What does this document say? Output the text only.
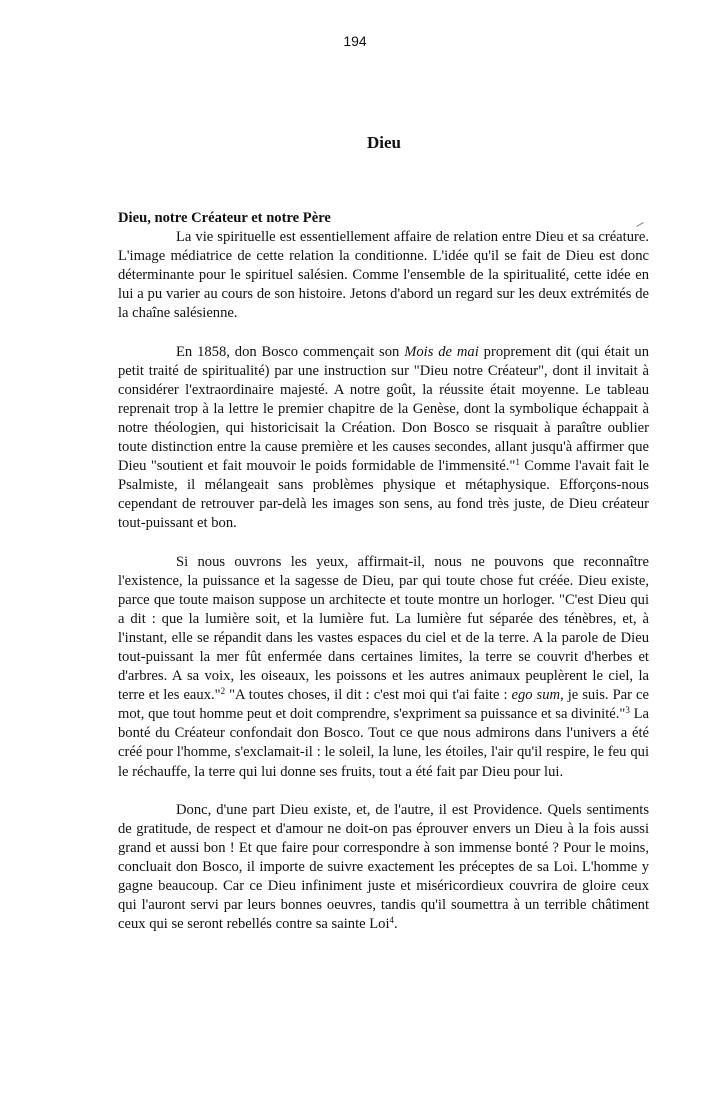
194
Dieu

Dieu, notre Créateur et notre Père

La vie spirituelle est essentiellement affaire de relation entre Dieu et sa créature. L'image médiatrice de cette relation la conditionne. L'idée qu'il se fait de Dieu est donc déterminante pour le spirituel salésien. Comme l'ensemble de la spiritualité, cette idée en lui a pu varier au cours de son histoire. Jetons d'abord un regard sur les deux extrémités de la chaîne salésienne.

En 1858, don Bosco commençait son Mois de mai proprement dit (qui était un petit traité de spiritualité) par une instruction sur "Dieu notre Créateur", dont il invitait à considérer l'extraordinaire majesté. A notre goût, la réussite était moyenne. Le tableau reprenait trop à la lettre le premier chapitre de la Genèse, dont la symbolique échappait à notre théologien, qui historicisait la Création. Don Bosco se risquait à paraître oublier toute distinction entre la cause première et les causes secondes, allant jusqu'à affirmer que Dieu "soutient et fait mouvoir le poids formidable de l'immensité."$^1$ Comme l'avait fait le Psalmiste, il mélangeait sans problèmes physique et métaphysique. Efforçons-nous cependant de retrouver par-delà les images son sens, au fond très juste, de Dieu créateur tout-puissant et bon.

Si nous ouvrons les yeux, affirmait-il, nous ne pouvons que reconnaître l'existence, la puissance et la sagesse de Dieu, par qui toute chose fut créée. Dieu existe, parce que toute maison suppose un architecte et toute montre un horloger. "C'est Dieu qui a dit : que la lumière soit, et la lumière fut. La lumière fut séparée des ténèbres, et, à l'instant, elle se répandit dans les vastes espaces du ciel et de la terre. A la parole de Dieu tout-puissant la mer fût enfermée dans certaines limites, la terre se couvrit d'herbes et d'arbres. A sa voix, les oiseaux, les poissons et les autres animaux peuplèrent le ciel, la terre et les eaux."$^2$ "A toutes choses, il dit : c'est moi qui t'ai faite : ego sum, je suis. Par ce mot, que tout homme peut et doit comprendre, s'expriment sa puissance et sa divinité."$^3$ La bonté du Créateur confondait don Bosco. Tout ce que nous admirons dans l'univers a été créé pour l'homme, s'exclamait-il : le soleil, la lune, les étoiles, l'air qu'il respire, le feu qui le réchauffe, la terre qui lui donne ses fruits, tout a été fait par Dieu pour lui.

Donc, d'une part Dieu existe, et, de l'autre, il est Providence. Quels sentiments de gratitude, de respect et d'amour ne doit-on pas éprouver envers un Dieu à la fois aussi grand et aussi bon ! Et que faire pour correspondre à son immense bonté ? Pour le moins, concluait don Bosco, il importe de suivre exactement les préceptes de sa Loi. L'homme y gagne beaucoup. Car ce Dieu infiniment juste et miséricordieux couvrira de gloire ceux qui l'auront servi par leurs bonnes oeuvres, tandis qu'il soumettra à un terrible châtiment ceux qui se seront rebellés contre sa sainte Loi$^4$.
